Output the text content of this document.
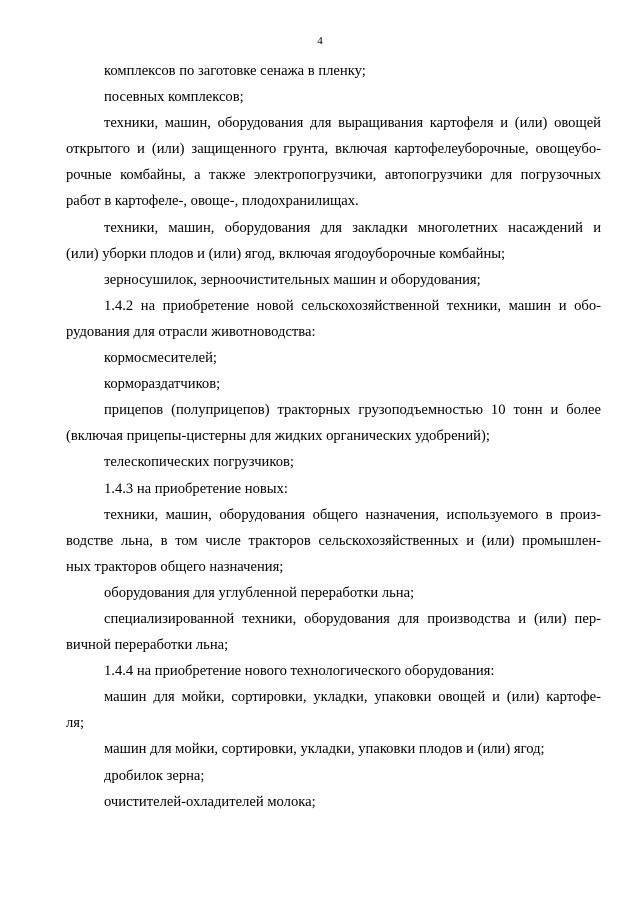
4
комплексов по заготовке сенажа в пленку;
посевных комплексов;
техники, машин, оборудования для выращивания картофеля и (или) овощей
открытого и (или) защищенного грунта, включая картофелеуборочные, овощеубо-
рочные комбайны, а также электропогрузчики, автопогрузчики для погрузочных
работ в картофеле-, овоще-, плодохранилищах.
техники, машин, оборудования для закладки многолетних насаждений и
(или) уборки плодов и (или) ягод, включая ягодоуборочные комбайны;
зерносушилок, зерноочистительных машин и оборудования;
1.4.2 на приобретение новой сельскохозяйственной техники, машин и обо-
рудования для отрасли животноводства:
кормосмесителей;
кормораздатчиков;
прицепов (полуприцепов) тракторных грузоподъемностью 10 тонн и более
(включая прицепы-цистерны для жидких органических удобрений);
телескопических погрузчиков;
1.4.3 на приобретение новых:
техники, машин, оборудования общего назначения, используемого в произ-
водстве льна, в том числе тракторов сельскохозяйственных и (или) промышлен-
ных тракторов общего назначения;
оборудования для углубленной переработки льна;
специализированной техники, оборудования для производства и (или) пер-
вичной переработки льна;
1.4.4 на приобретение нового технологического оборудования:
машин для мойки, сортировки, укладки, упаковки овощей и (или) картофе-
ля;
машин для мойки, сортировки, укладки, упаковки плодов и (или) ягод;
дробилок зерна;
очистителей-охладителей молока;
